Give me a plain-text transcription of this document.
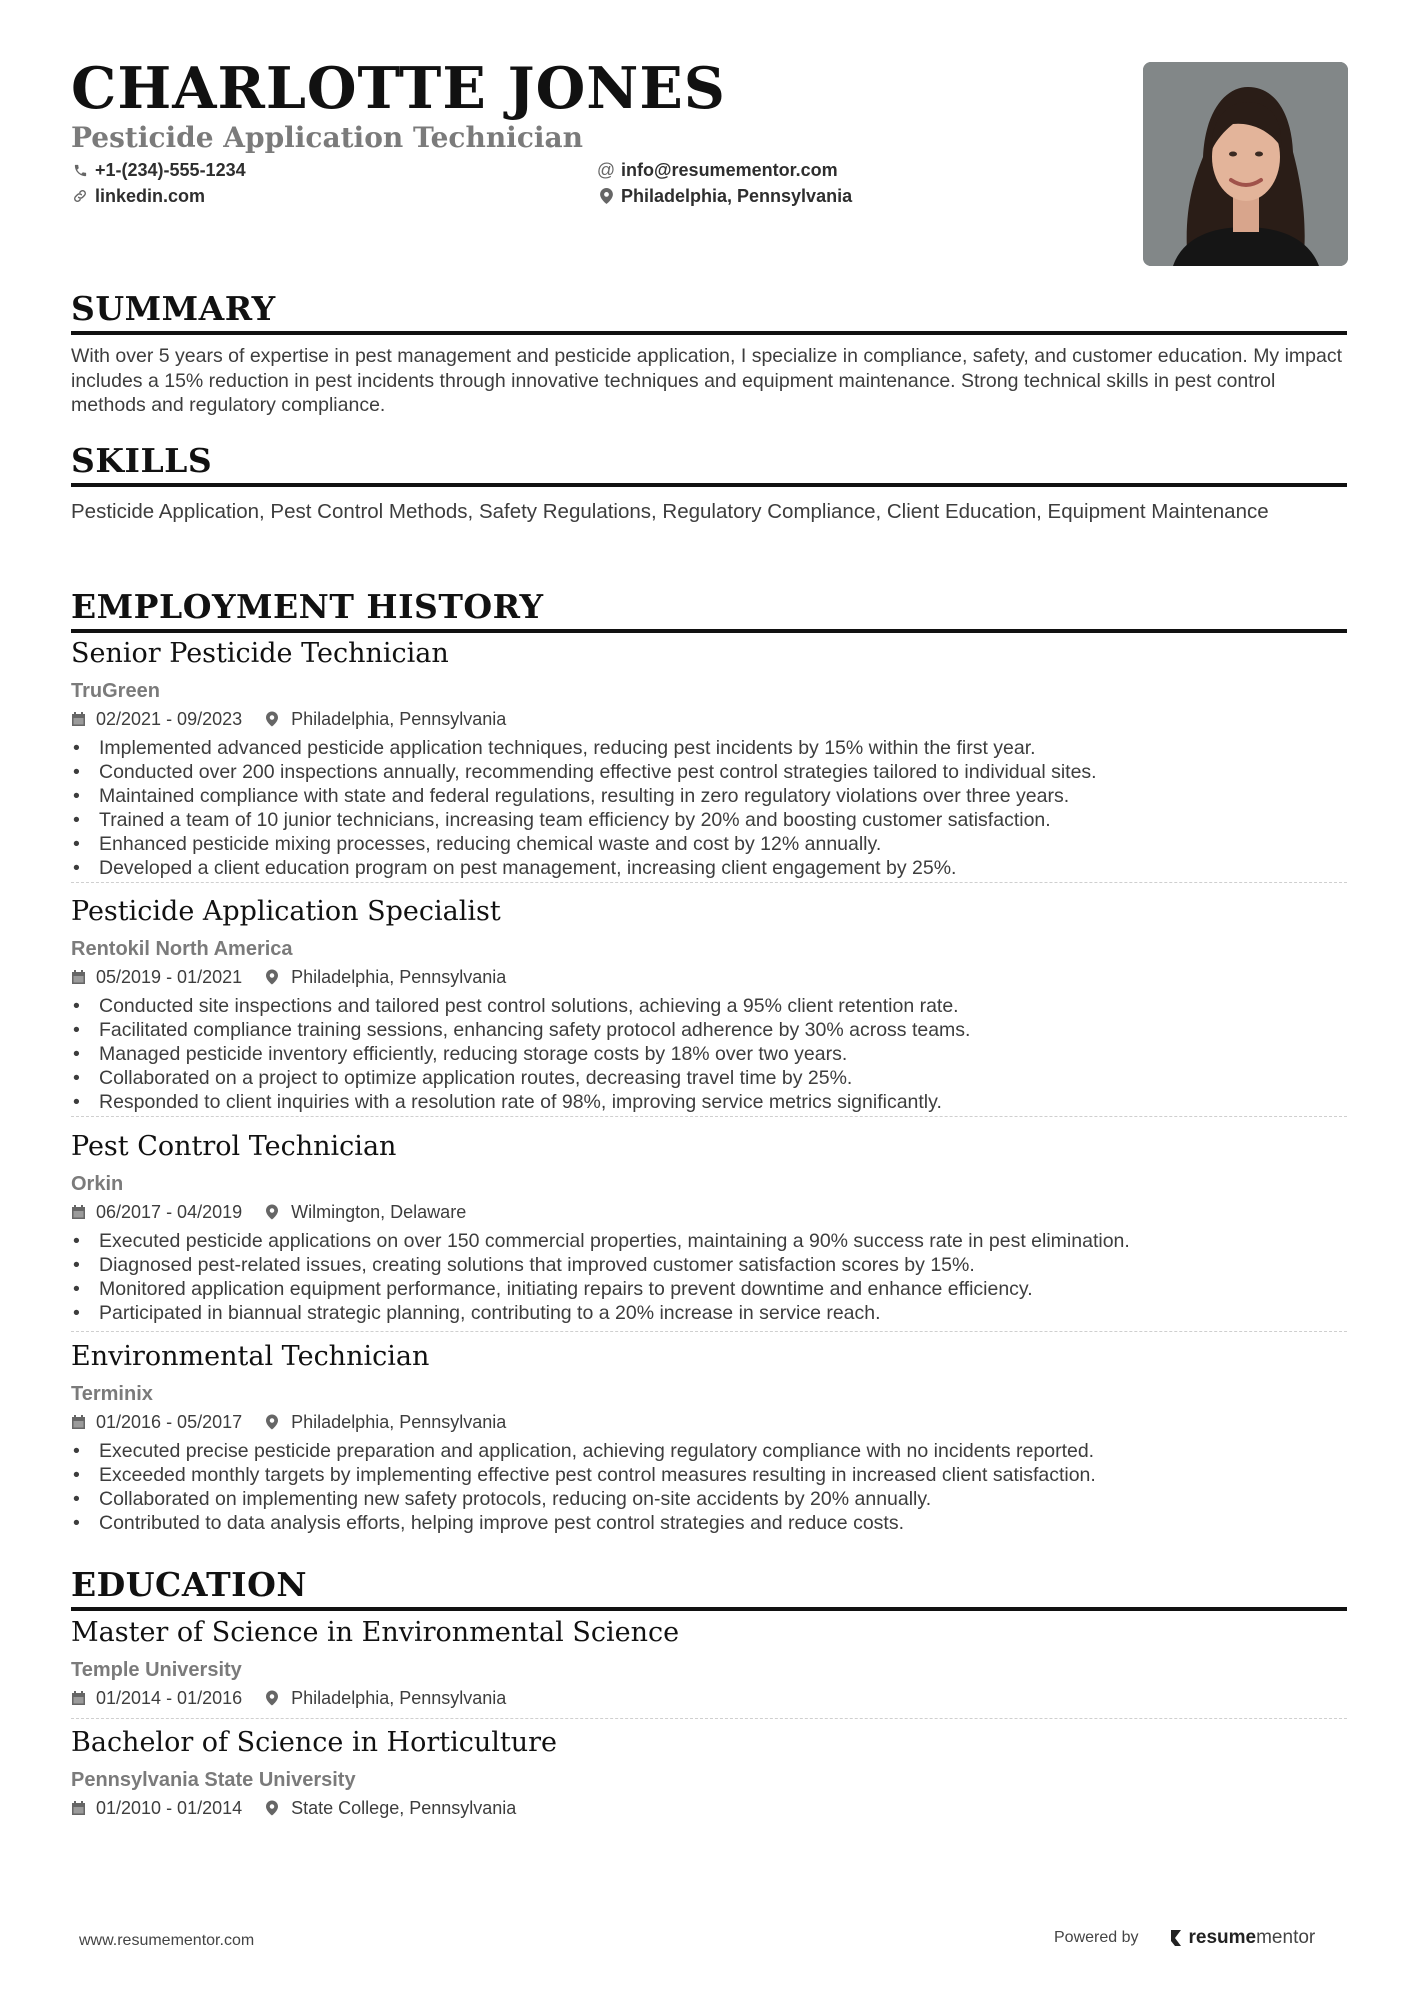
CHARLOTTE JONES
Pesticide Application Technician
+1-(234)-555-1234
linkedin.com
@ info@resumementor.com
Philadelphia, Pennsylvania
SUMMARY

With over 5 years of expertise in pest management and pesticide application, I specialize in compliance, safety, and customer education. My impact includes a 15% reduction in pest incidents through innovative techniques and equipment maintenance. Strong technical skills in pest control methods and regulatory compliance.

SKILLS

Pesticide Application, Pest Control Methods, Safety Regulations, Regulatory Compliance, Client Education, Equipment Maintenance

EMPLOYMENT HISTORY
Senior Pesticide Technician
TruGreen
02/2021 - 09/2023	Philadelphia, Pennsylvania
• Implemented advanced pesticide application techniques, reducing pest incidents by 15% within the first year.
• Conducted over 200 inspections annually, recommending effective pest control strategies tailored to individual sites.
• Maintained compliance with state and federal regulations, resulting in zero regulatory violations over three years.
• Trained a team of 10 junior technicians, increasing team efficiency by 20% and boosting customer satisfaction.
• Enhanced pesticide mixing processes, reducing chemical waste and cost by 12% annually.
• Developed a client education program on pest management, increasing client engagement by 25%.
Pesticide Application Specialist
Rentokil North America
05/2019 - 01/2021	Philadelphia, Pennsylvania
• Conducted site inspections and tailored pest control solutions, achieving a 95% client retention rate.
• Facilitated compliance training sessions, enhancing safety protocol adherence by 30% across teams.
• Managed pesticide inventory efficiently, reducing storage costs by 18% over two years.
• Collaborated on a project to optimize application routes, decreasing travel time by 25%.
• Responded to client inquiries with a resolution rate of 98%, improving service metrics significantly.
Pest Control Technician
Orkin
06/2017 - 04/2019	Wilmington, Delaware
• Executed pesticide applications on over 150 commercial properties, maintaining a 90% success rate in pest elimination.
• Diagnosed pest-related issues, creating solutions that improved customer satisfaction scores by 15%.
• Monitored application equipment performance, initiating repairs to prevent downtime and enhance efficiency.
• Participated in biannual strategic planning, contributing to a 20% increase in service reach.
Environmental Technician
Terminix
01/2016 - 05/2017	Philadelphia, Pennsylvania
• Executed precise pesticide preparation and application, achieving regulatory compliance with no incidents reported.
• Exceeded monthly targets by implementing effective pest control measures resulting in increased client satisfaction.
• Collaborated on implementing new safety protocols, reducing on-site accidents by 20% annually.
• Contributed to data analysis efforts, helping improve pest control strategies and reduce costs.
EDUCATION
Master of Science in Environmental Science
Temple University
01/2014 - 01/2016	Philadelphia, Pennsylvania
Bachelor of Science in Horticulture
Pennsylvania State University
01/2010 - 01/2014	State College, Pennsylvania
www.resumementor.com	Powered by	resume mentor
